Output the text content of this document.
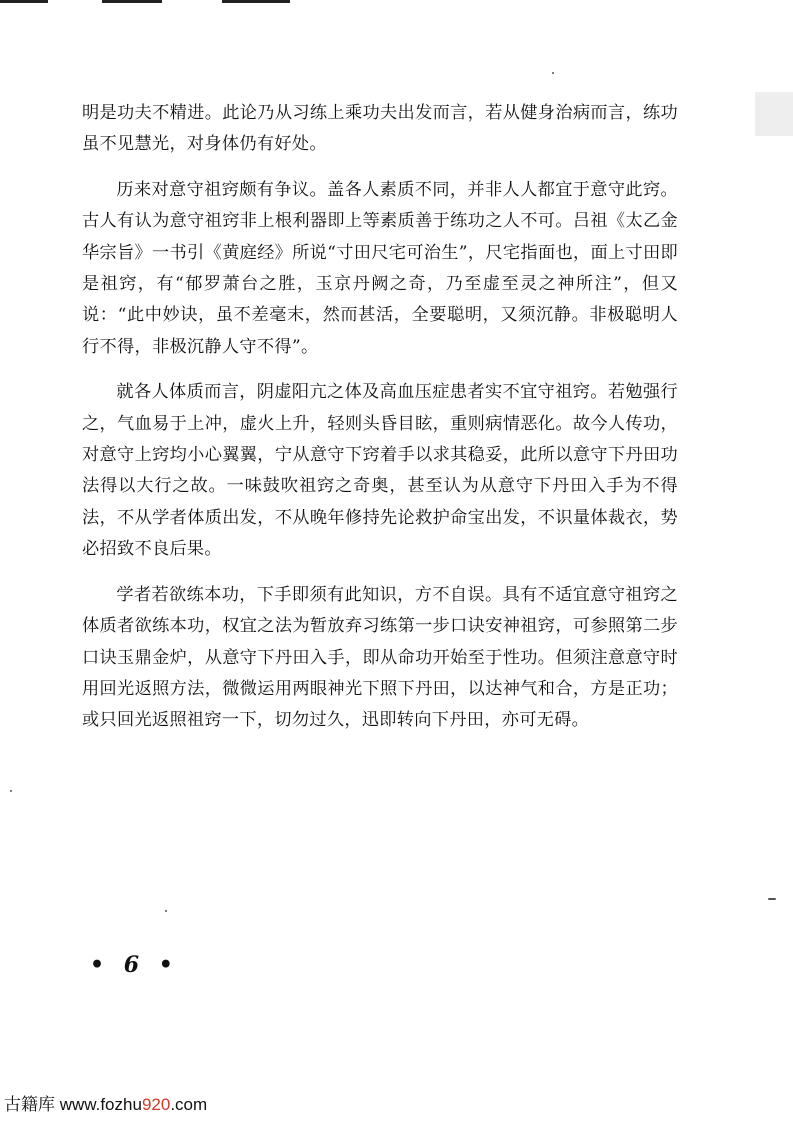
明是功夫不精进。此论乃从习练上乘功夫出发而言，若从健身治病而言，练功虽不见慧光，对身体仍有好处。

历来对意守祖窍颇有争议。盖各人素质不同，并非人人都宜于意守此窍。古人有认为意守祖窍非上根利器即上等素质善于练功之人不可。吕祖《太乙金华宗旨》一书引《黄庭经》所说“寸田尺宅可治生”，尺宅指面也，面上寸田即是祖窍，有“郁罗萧台之胜，玉京丹阙之奇，乃至虚至灵之神所注”，但又说：“此中妙诀，虽不差毫末，然而甚活，全要聪明，又须沉静。非极聪明人行不得，非极沉静人守不得”。

就各人体质而言，阴虚阳亢之体及高血压症患者实不宜守祖窍。若勉强行之，气血易于上冲，虚火上升，轻则头昏目眩，重则病情恶化。故今人传功，对意守上窍均小心翼翼，宁从意守下窍着手以求其稳妥，此所以意守下丹田功法得以大行之故。一味鼓吹祖窍之奇奥，甚至认为从意守下丹田入手为不得法，不从学者体质出发，不从晚年修持先论救护命宝出发，不识量体裁衣，势必招致不良后果。

学者若欲练本功，下手即须有此知识，方不自误。具有不适宜意守祖窍之体质者欲练本功，权宜之法为暂放弃习练第一步口诀安神祖窍，可参照第二步口诀玉鼎金炉，从意守下丹田入手，即从命功开始至于性功。但须注意意守时用回光返照方法，微微运用两眼神光下照下丹田，以达神气和合，方是正功；或只回光返照祖窍一下，切勿过久，迅即转向下丹田，亦可无碍。

• 6 •
古籍库 www.fozhu920.com
